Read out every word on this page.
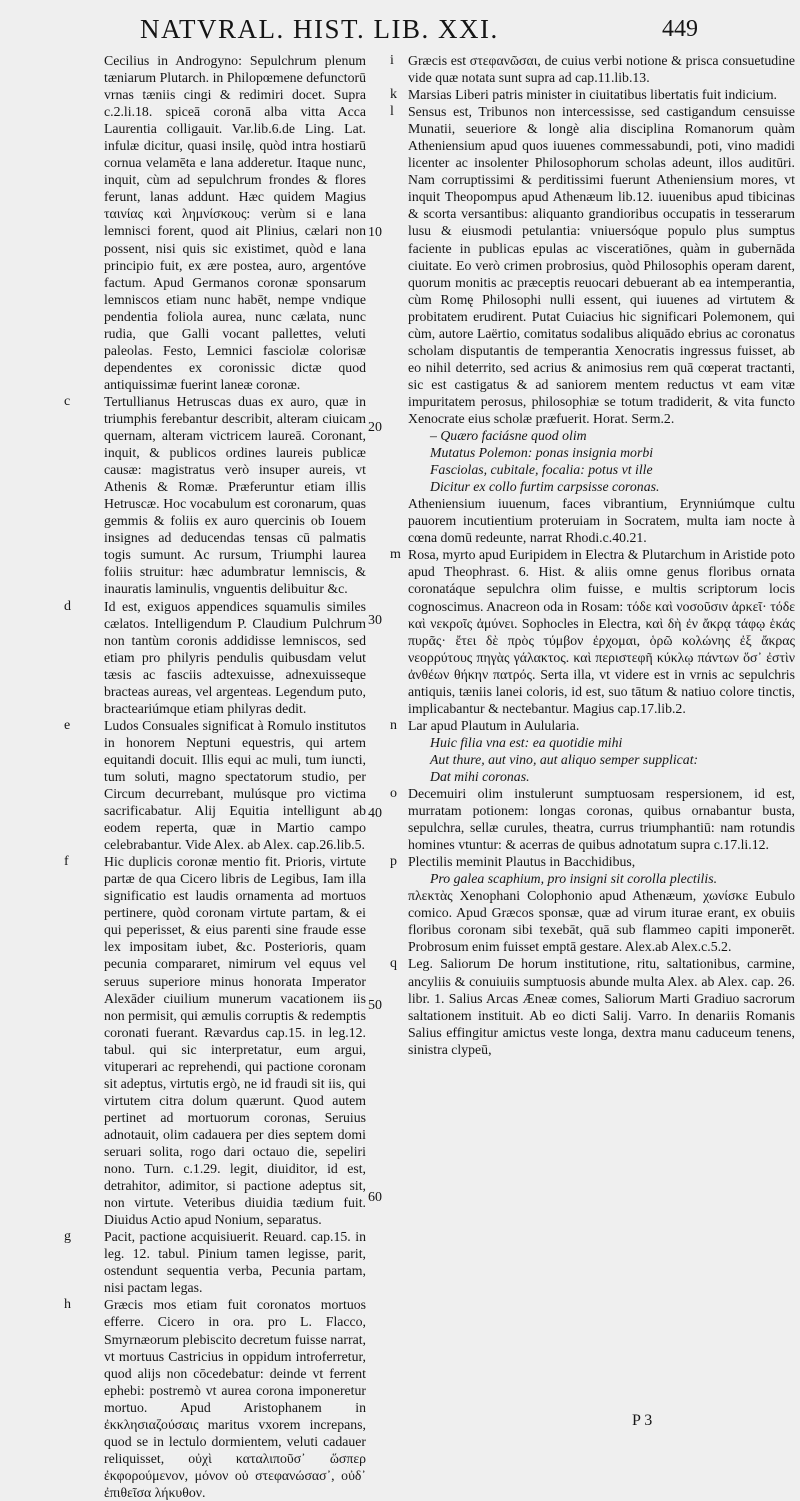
NATVRAL. HIST. LIB. XXI.	449

Cecilius in Androgyno: Sepulchrum plenum tæniarum Plutarch. in Philopœmene defunctorū vrnas tæniis cingi & redimiri docet. Supra c.2.li.18. spiceā coronā alba vitta Acca Laurentia colligauit. Var.lib.6.de Ling. Lat. infulæ dicitur, quasi insilę, quòd intra hostiarū cornua velamēta e lana adderetur. Itaque nunc, inquit, cùm ad sepulchrum frondes & flores ferunt, lanas addunt. Hæc quidem Magius ταινίας καὶ λημνίσκους: verùm si e lana lemnisci forent, quod ait Plinius, cælari non possent, nisi quis sic existimet, quòd e lana principio fuit, ex ære postea, auro, argentóve factum. Apud Germanos coronæ sponsarum lemniscos etiam nunc habēt, nempe vndique pendentia foliola aurea, nunc cælata, nunc rudia, que Galli vocant pallettes, veluti paleolas. Festo, Lemnici fasciolæ colorisæ dependentes ex coronissic dictæ quod antiquissimæ fuerint laneæ coronæ.

c	Tertullianus Hetruscas duas ex auro, quæ in triumphis ferebantur describit, alteram ciuicam quernam, alteram victricem laureā. Coronant, inquit, & publicos ordines laureis publicæ causæ: magistratus verò insuper aureis, vt Athenis & Romæ. Præferuntur etiam illis Hetruscæ. Hoc vocabulum est coronarum, quas gemmis & foliis ex auro quercinis ob Iouem insignes ad deducendas tensas cū palmatis togis sumunt. Ac rursum, Triumphi laurea foliis struitur: hæc adumbratur lemniscis, & inauratis laminulis, vnguentis delibuitur &c.

d	Id est, exiguos appendices squamulis similes cælatos. Intelligendum P. Claudium Pulchrum non tantùm coronis addidisse lemniscos, sed etiam pro philyris pendulis quibusdam velut tæsis ac fasciis adtexuisse, adnexuisseque bracteas aureas, vel argenteas. Legendum puto, bracteariúmque etiam philyras dedit.

e	Ludos Consuales significat à Romulo institutos in honorem Neptuni equestris, qui artem equitandi docuit. Illis equi ac muli, tum iuncti, tum soluti, magno spectatorum studio, per Circum decurrebant, mulúsque pro victima sacrificabatur. Alij Equitia intelligunt ab eodem reperta, quæ in Martio campo celebrabantur. Vide Alex. ab Alex. cap.26.lib.5.

f	Hic duplicis coronæ mentio fit. Prioris, virtute partæ de qua Cicero libris de Legibus, Iam illa significatio est laudis ornamenta ad mortuos pertinere, quòd coronam virtute partam, & ei qui peperisset, & eius parenti sine fraude esse lex impositam iubet, &c. Posterioris, quam pecunia compararet, nimirum vel equus vel seruus superiore minus honorata Imperator Alexāder ciuilium munerum vacationem iis non permisit, qui æmulis corruptis & redemptis coronati fuerant. Rævardus cap.15. in leg.12. tabul. qui sic interpretatur, eum argui, vituperari ac reprehendi, qui pactione coronam sit adeptus, virtutis ergò, ne id fraudi sit iis, qui virtutem citra dolum quærunt. Quod autem pertinet ad mortuorum coronas, Seruius adnotauit, olim cadauera per dies septem domi seruari solita, rogo dari octauo die, sepeliri nono. Turn. c.1.29. legit, diuiditor, id est, detrahitor, adimitor, si pactione adeptus sit, non virtute. Veteribus diuidia tædium fuit. Diuidus Actio apud Nonium, separatus.

g	Pacit, pactione acquisiuerit. Reuard. cap.15. in leg. 12. tabul. Pinium tamen legisse, parit, ostendunt sequentia verba, Pecunia partam, nisi pactam legas.

h	Græcis mos etiam fuit coronatos mortuos efferre. Cicero in ora. pro L. Flacco, Smyrnæorum plebiscito decretum fuisse narrat, vt mortuus Castricius in oppidum introferretur, quod alijs non cōcedebatur: deinde vt ferrent ephebi: postremò vt aurea corona imponeretur mortuo. Apud Aristophanem in ἐκκλησιαζούσαις maritus vxorem increpans, quod se in lectulo dormientem, veluti cadauer reliquisset, οὐχὶ καταλιποῦσ᾽ ὥσπερ ἐκφορούμενον, μόνον οὐ στεφανώσασ᾽, οὐδ᾽ ἐπιθεῖσα λήκυθον.

10
20
30
40
50
60

i	Græcis est στεφανῶσαι, de cuius verbi notione & prisca consuetudine vide quæ notata sunt supra ad cap.11.lib.13.

k Marsias Liberi patris minister in ciuitatibus libertatis fuit indicium.

l	Sensus est, Tribunos non intercessisse, sed castigandum censuisse Munatii, seueriore & longè alia disciplina Romanorum quàm Atheniensium apud quos iuuenes commessabundi, poti, vino madidi licenter ac insolenter Philosophorum scholas adeunt, illos auditūri. Nam corruptissimi & perditissimi fuerunt Atheniensium mores, vt inquit Theopompus apud Athenæum lib.12. iuuenibus apud tibicinas & scorta versantibus: aliquanto grandioribus occupatis in tesserarum lusu & eiusmodi petulantia: vniuersóque populo plus sumptus faciente in publicas epulas ac visceratiōnes, quàm in gubernāda ciuitate. Eo verò crimen probrosius, quòd Philosophis operam darent, quorum monitis ac præceptis reuocari debuerant ab ea intemperantia, cùm Romę Philosophi nulli essent, qui iuuenes ad virtutem & probitatem erudirent. Putat Cuiacius hic significari Polemonem, qui cùm, autore Laërtio, comitatus sodalibus aliquādo ebrius ac coronatus scholam disputantis de temperantia Xenocratis ingressus fuisset, ab eo nihil deterrito, sed acrius & animosius rem quā cœperat tractanti, sic est castigatus & ad saniorem mentem reductus vt eam vitæ impuritatem perosus, philosophiæ se totum tradiderit, & vita functo Xenocrate eius scholæ præfuerit. Horat. Serm.2.

– Quæro faciásne quod olim

Mutatus Polemon: ponas insignia morbi

Fasciolas, cubitale, focalia: potus vt ille

Dicitur ex collo furtim carpsisse coronas.

Atheniensium iuuenum, faces vibrantium, Erynniúmque cultu pauorem incutientium proteruiam in Socratem, multa iam nocte à cœna domū redeunte, narrat Rhodi.c.40.21.

m Rosa, myrto apud Euripidem in Electra & Plutarchum in Aristide poto apud Theophrast. 6. Hist. & aliis omne genus floribus ornata coronatáque sepulchra olim fuisse, e multis scriptorum locis cognoscimus. Anacreon oda in Rosam: τόδε καὶ νοσοῦσιν ἀρκεῖ· τόδε καὶ νεκροῖς ἀμύνει. Sophocles in Electra, καὶ δὴ ἐν ἄκρᾳ τάφῳ ἑκάς πυρᾶς· ἔτει δὲ πρὸς τύμβον ἐρχομαι, ὁρῶ κολώνης ἐξ ἄκρας νεορρύτους πηγὰς γάλακτος. καὶ περιστεφῆ κύκλῳ πάντων ὅσ᾽ ἐστὶν ἀνθέων θήκην πατρός. Serta illa, vt videre est in vrnis ac sepulchris antiquis, tæniis lanei coloris, id est, suo tātum & natiuo colore tinctis, implicabantur & nectebantur. Magius cap.17.lib.2.

n Lar apud Plautum in Aulularia.

Huic filia vna est: ea quotidie mihi

Aut thure, aut vino, aut aliquo semper supplicat:

Dat mihi coronas.

o Decemuiri olim instulerunt sumptuosam respersionem, id est, murratam potionem: longas coronas, quibus ornabantur busta, sepulchra, sellæ curules, theatra, currus triumphantiū: nam rotundis homines vtuntur: & acerras de quibus adnotatum supra c.17.li.12.

p Plectilis meminit Plautus in Bacchidibus,

Pro galea scaphium, pro insigni sit corolla plectilis.

πλεκτὰς Xenophani Colophonio apud Athenæum, χωνίσκε Eubulo comico. Apud Græcos sponsæ, quæ ad virum iturae erant, ex obuiis floribus coronam sibi texebāt, quā sub flammeo capiti imponerēt. Probrosum enim fuisset emptā gestare. Alex.ab Alex.c.5.2.

q Leg. Saliorum De horum institutione, ritu, saltationibus, carmine, ancyliis & conuiuiis sumptuosis abunde multa Alex. ab Alex. cap. 26. libr. 1. Salius Arcas Æneæ comes, Saliorum Marti Gradiuo sacrorum saltationem instituit. Ab eo dicti Salij. Varro. In denariis Romanis Salius effingitur amictus veste longa, dextra manu caduceum tenens, sinistra clypeū,

P 3
